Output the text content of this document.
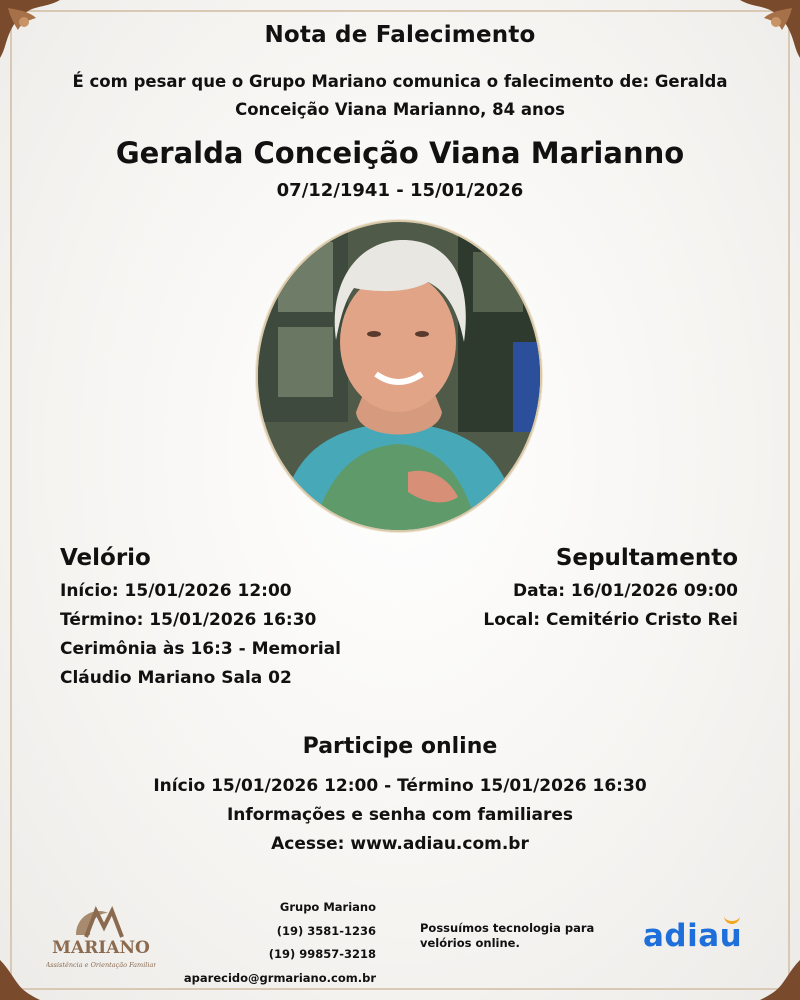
Nota de Falecimento
É com pesar que o Grupo Mariano comunica o falecimento de: Geralda Conceição Viana Marianno, 84 anos
Geralda Conceição Viana Marianno
07/12/1941 - 15/01/2026
Velório
Início: 15/01/2026 12:00
Término: 15/01/2026 16:30
Cerimônia às 16:3 - Memorial
Cláudio Mariano Sala 02
Sepultamento
Data: 16/01/2026 09:00
Local: Cemitério Cristo Rei
Participe online
Início 15/01/2026 12:00 - Término 15/01/2026 16:30
Informações e senha com familiares
Acesse: www.adiau.com.br
MARIANO
Assistência e Orientação Familiar
Grupo Mariano
(19) 3581-1236
(19) 99857-3218
aparecido@grmariano.com.br
Possuímos tecnologia para velórios online.	adiau
